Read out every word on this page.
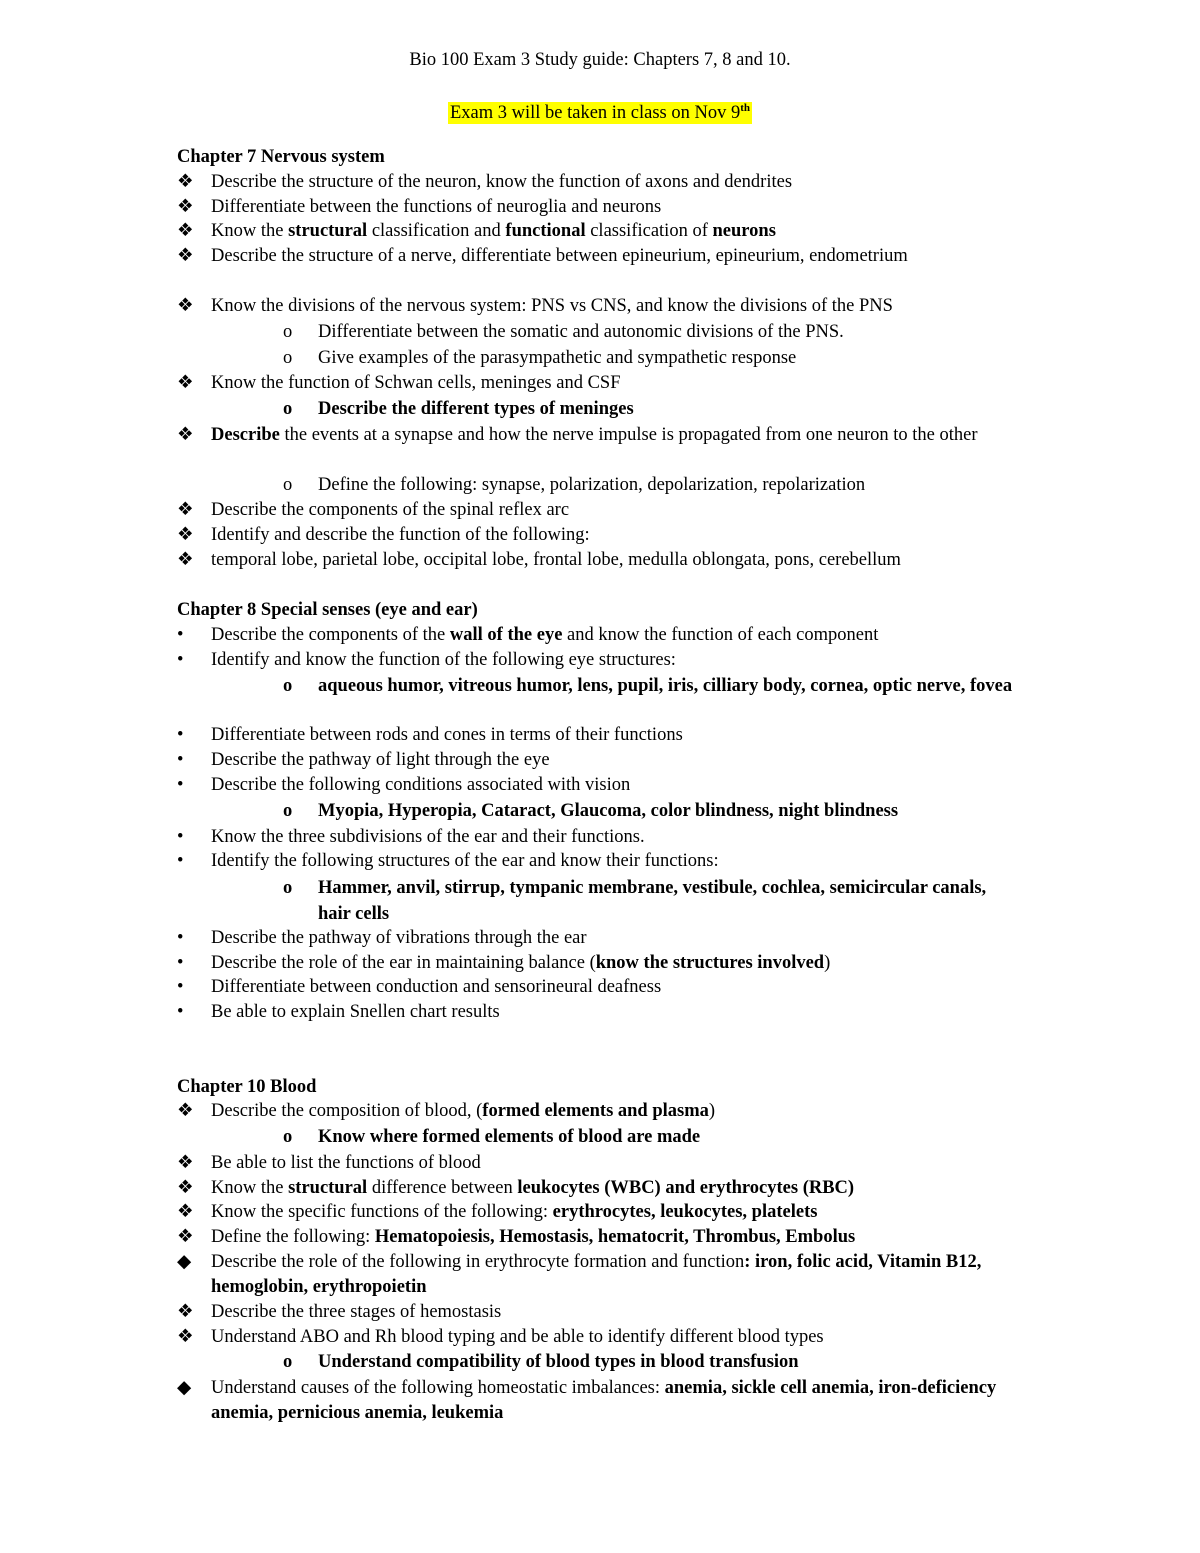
Bio 100 Exam 3 Study guide: Chapters 7, 8 and 10.
Exam 3 will be taken in class on Nov 9th
Chapter 7 Nervous system
❖ Describe the structure of the neuron, know the function of axons and dendrites
❖ Differentiate between the functions of neuroglia and neurons
❖ Know the structural classification and functional classification of neurons
❖ Describe the structure of a nerve, differentiate between epineurium, epineurium, endometrium
❖ Know the divisions of the nervous system: PNS vs CNS, and know the divisions of the PNS
o	Differentiate between the somatic and autonomic divisions of the PNS.
o	Give examples of the parasympathetic and sympathetic response
❖ Know the function of Schwan cells, meninges and CSF
o	Describe the different types of meninges
❖ Describe the events at a synapse and how the nerve impulse is propagated from one neuron to the other
o	Define the following: synapse, polarization, depolarization, repolarization
❖ Describe the components of the spinal reflex arc
❖ Identify and describe the function of the following:
❖ temporal lobe, parietal lobe, occipital lobe, frontal lobe, medulla oblongata, pons, cerebellum
Chapter 8 Special senses (eye and ear)
•	Describe the components of the wall of the eye and know the function of each component
•	Identify and know the function of the following eye structures:
o	aqueous humor, vitreous humor, lens, pupil, iris, cilliary body, cornea, optic nerve, fovea
•	Differentiate between rods and cones in terms of their functions
•	Describe the pathway of light through the eye
•	Describe the following conditions associated with vision
o	Myopia, Hyperopia, Cataract, Glaucoma, color blindness, night blindness
•	Know the three subdivisions of the ear and their functions.
•	Identify the following structures of the ear and know their functions:
o	Hammer, anvil, stirrup, tympanic membrane, vestibule, cochlea, semicircular canals, hair cells
•	Describe the pathway of vibrations through the ear
•	Describe the role of the ear in maintaining balance (know the structures involved)
•	Differentiate between conduction and sensorineural deafness
•	Be able to explain Snellen chart results
Chapter 10 Blood
❖ Describe the composition of blood, (formed elements and plasma)
o	Know where formed elements of blood are made
❖ Be able to list the functions of blood
❖ Know the structural difference between leukocytes (WBC) and erythrocytes (RBC)
❖ Know the specific functions of the following: erythrocytes, leukocytes, platelets
❖ Define the following: Hematopoiesis, Hemostasis, hematocrit, Thrombus, Embolus
◆	Describe the role of the following in erythrocyte formation and function: iron, folic acid, Vitamin B12, hemoglobin, erythropoietin
❖ Describe the three stages of hemostasis
❖ Understand ABO and Rh blood typing and be able to identify different blood types
o	Understand compatibility of blood types in blood transfusion
◆	Understand causes of the following homeostatic imbalances: anemia, sickle cell anemia, iron-deficiency anemia, pernicious anemia, leukemia
